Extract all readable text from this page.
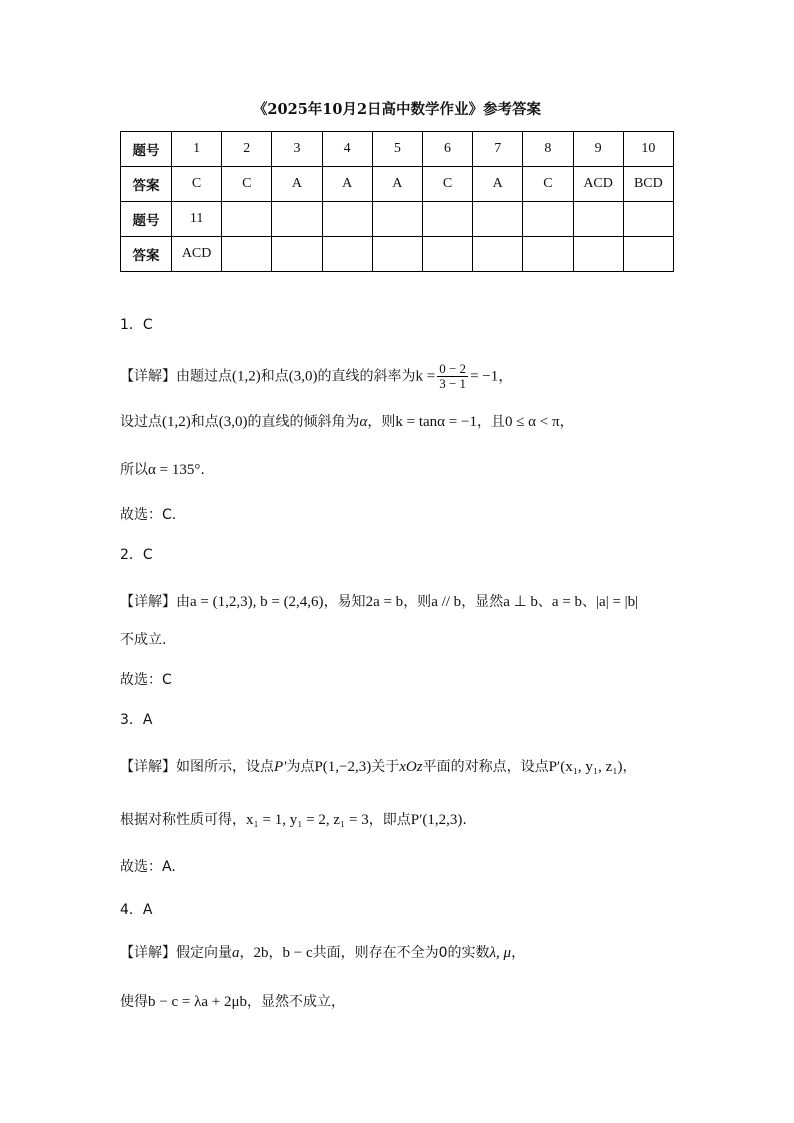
《2025年10月2日高中数学作业》参考答案
题号	1	2	3	4	5	6	7	8	9	10
答案	C	C	A	A	A	C	A	C	ACD	BCD
题号	11									
答案	ACD									
1．C
【详解】由题过点(1,2)和点(3,0)的直线的斜率为$k = \frac{0 - 2}{3 - 1} = -1$，
设过点(1,2)和点(3,0)的直线的倾斜角为α，则k = tanα = −1，且0 ≤ α < π，
所以α = 135°.
故选：C.
2．C
【详解】由a = (1,2,3), b = (2,4,6)，易知2a = b，则a // b，显然a ⊥ b、a = b、|a| = |b|
不成立.
故选：C
3．A
【详解】如图所示，设点P′为点P(1,−2,3)关于xOz平面的对称点，设点P′(x₁, y₁, z₁)，
根据对称性质可得，x₁ = 1, y₁ = 2, z₁ = 3，即点P′(1,2,3).
故选：A.
4．A
【详解】假定向量a，2b，b − c共面，则存在不全为0的实数λ, μ，
使得b − c = λa + 2μb，显然不成立，
